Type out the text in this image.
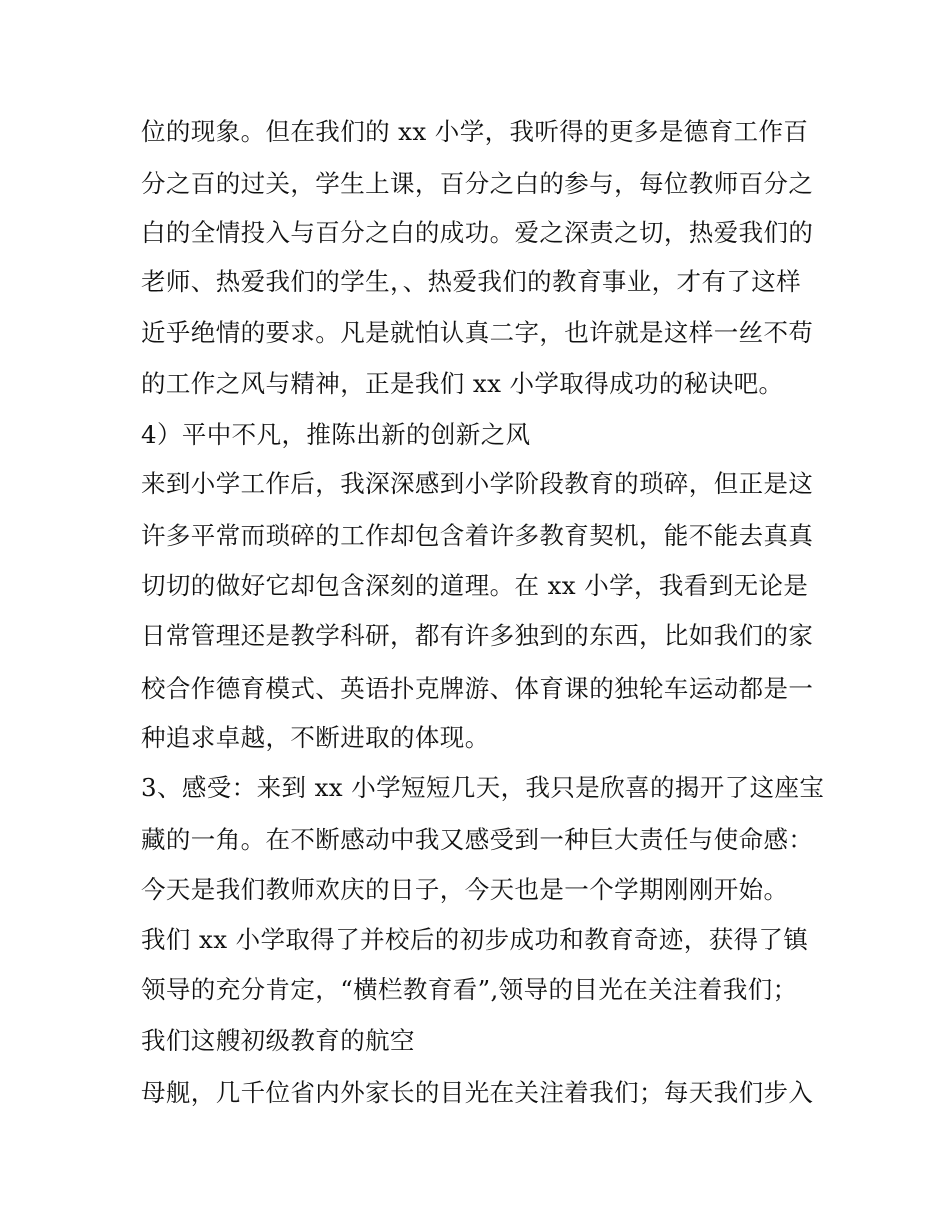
位的现象。但在我们的 xx 小学，我听得的更多是德育工作百
分之百的过关，学生上课，百分之白的参与，每位教师百分之
白的全情投入与百分之白的成功。爱之深责之切，热爱我们的
老师、热爱我们的学生，、热爱我们的教育事业，才有了这样
近乎绝情的要求。凡是就怕认真二字，也许就是这样一丝不苟
的工作之风与精神，正是我们 xx 小学取得成功的秘诀吧。
4）平中不凡，推陈出新的创新之风
来到小学工作后，我深深感到小学阶段教育的琐碎，但正是这
许多平常而琐碎的工作却包含着许多教育契机，能不能去真真
切切的做好它却包含深刻的道理。在 xx 小学，我看到无论是
日常管理还是教学科研，都有许多独到的东西，比如我们的家
校合作德育模式、英语扑克牌游、体育课的独轮车运动都是一
种追求卓越，不断进取的体现。
3、感受：来到 xx 小学短短几天，我只是欣喜的揭开了这座宝
藏的一角。在不断感动中我又感受到一种巨大责任与使命感：
今天是我们教师欢庆的日子，今天也是一个学期刚刚开始。
我们 xx 小学取得了并校后的初步成功和教育奇迹，获得了镇
领导的充分肯定，“横栏教育看”,领导的目光在关注着我们；
我们这艘初级教育的航空
母舰，几千位省内外家长的目光在关注着我们；每天我们步入
